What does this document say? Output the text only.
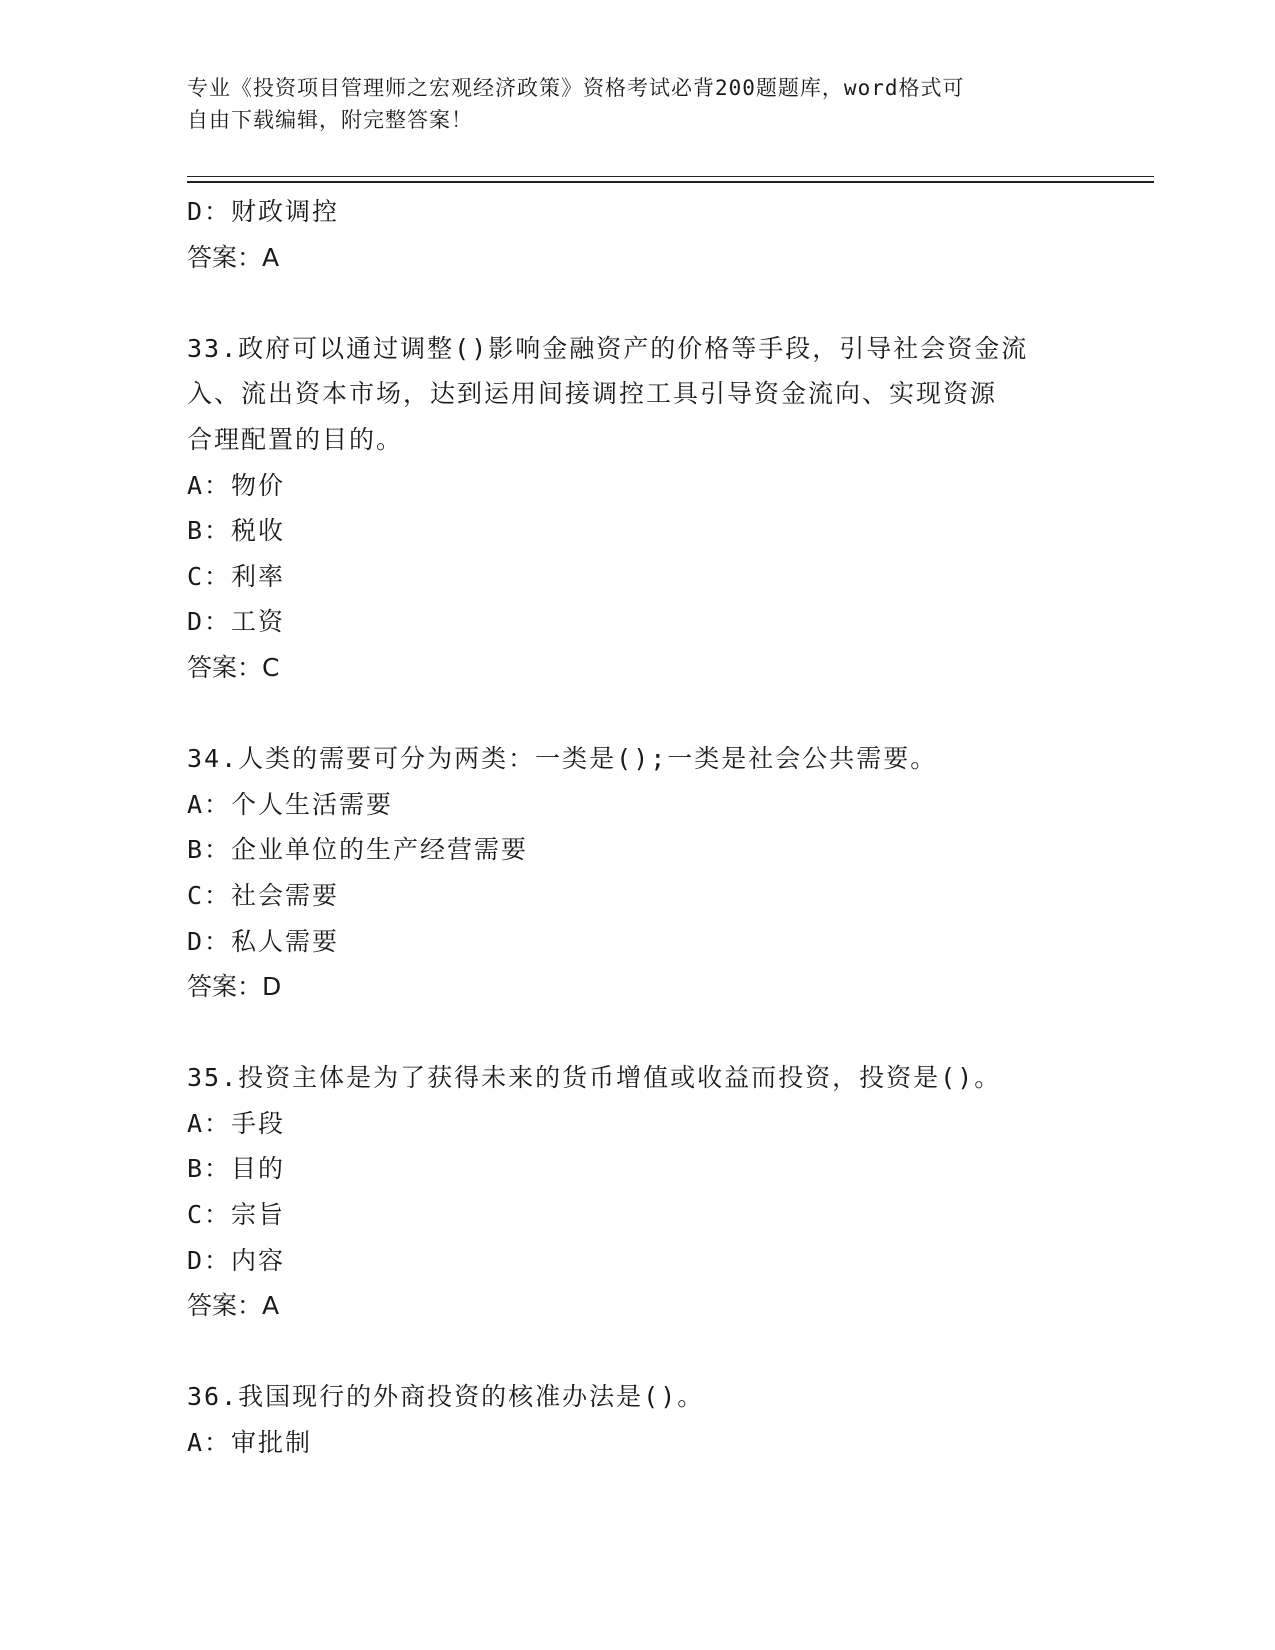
专业《投资项目管理师之宏观经济政策》资格考试必背200题题库，word格式可
自由下载编辑，附完整答案！
D：财政调控
答案：A
33.政府可以通过调整()影响金融资产的价格等手段，引导社会资金流
入、流出资本市场，达到运用间接调控工具引导资金流向、实现资源
合理配置的目的。
A：物价
B：税收
C：利率
D：工资
答案：C
34.人类的需要可分为两类：一类是();一类是社会公共需要。
A：个人生活需要
B：企业单位的生产经营需要
C：社会需要
D：私人需要
答案：D
35.投资主体是为了获得未来的货币增值或收益而投资，投资是()。
A：手段
B：目的
C：宗旨
D：内容
答案：A
36.我国现行的外商投资的核准办法是()。
A：审批制
